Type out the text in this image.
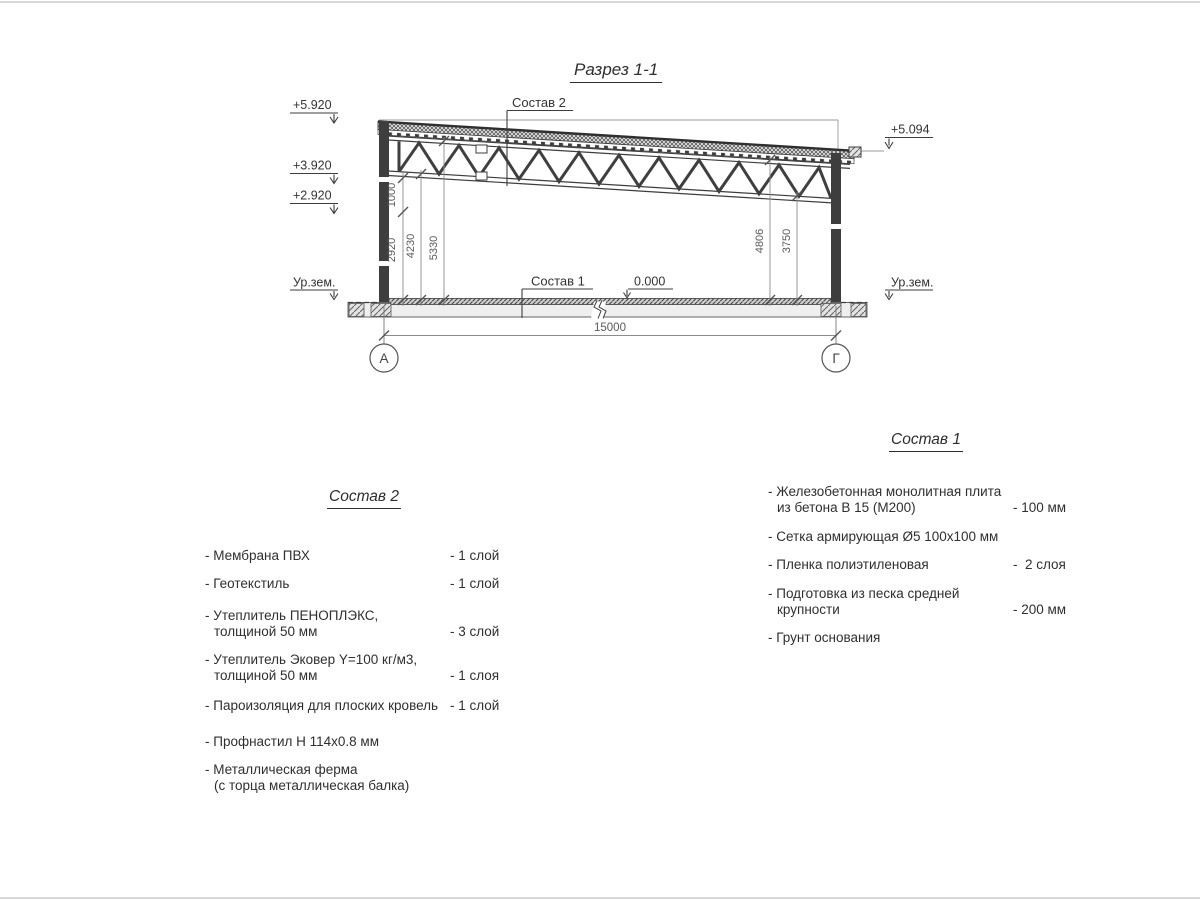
Разрез 1-1
+5.920
+3.920
+2.920
Ур.зем.
+5.094
Ур.зем.
0.000
Состав 2
Состав 1
1000
2920 4230 5330	4806 3750
15000
А	Г
Состав 2
- Мембрана ПВХ	- 1 слой
- Геотекстиль	- 1 слой
- Утеплитель ПЕНОПЛЭКС,
толщиной 50 мм	- 3 слой
- Утеплитель Эковер Y=100 кг/м3,
толщиной 50 мм	- 1 слоя
- Пароизоляция для плоских кровель - 1 слой
- Профнастил Н 114х0.8 мм
- Металлическая ферма
(с торца металлическая балка)
Состав 1
- Железобетонная монолитная плита
из бетона В 15 (М200)	- 100 мм
- Сетка армирующая Ø5 100х100 мм
- Пленка полиэтиленовая	-  2 слоя
- Подготовка из песка средней
крупности	- 200 мм
- Грунт основания
